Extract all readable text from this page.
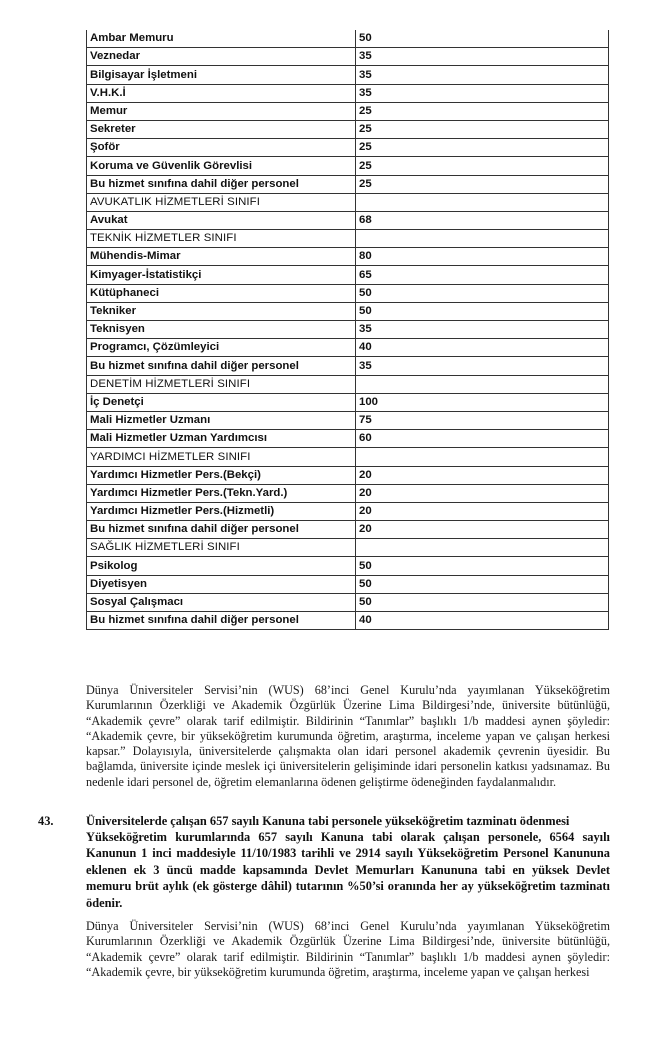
Ambar Memuru	50
Veznedar	35
Bilgisayar İşletmeni	35
V.H.K.İ	35
Memur	25
Sekreter	25
Şoför	25
Koruma ve Güvenlik Görevlisi	25
Bu hizmet sınıfına dahil diğer personel	25
AVUKATLIK HİZMETLERİ SINIFI	
Avukat	68
TEKNİK HİZMETLER SINIFI	
Mühendis-Mimar	80
Kimyager-İstatistikçi	65
Kütüphaneci	50
Tekniker	50
Teknisyen	35
Programcı, Çözümleyici	40
Bu hizmet sınıfına dahil diğer personel	35
DENETİM HİZMETLERİ SINIFI	
İç Denetçi	100
Mali Hizmetler Uzmanı	75
Mali Hizmetler Uzman Yardımcısı	60
YARDIMCI HİZMETLER SINIFI	
Yardımcı Hizmetler Pers.(Bekçi)	20
Yardımcı Hizmetler Pers.(Tekn.Yard.)	20
Yardımcı Hizmetler Pers.(Hizmetli)	20
Bu hizmet sınıfına dahil diğer personel	20
SAĞLIK HİZMETLERİ SINIFI	
Psikolog	50
Diyetisyen	50
Sosyal Çalışmacı	50
Bu hizmet sınıfına dahil diğer personel	40
Dünya Üniversiteler Servisi’nin (WUS) 68’inci Genel Kurulu’nda yayımlanan Yükseköğretim Kurumlarının Özerkliği ve Akademik Özgürlük Üzerine Lima Bildirgesi’nde, üniversite bütünlüğü, “Akademik çevre” olarak tarif edilmiştir. Bildirinin “Tanımlar” başlıklı 1/b maddesi aynen şöyledir: “Akademik çevre, bir yükseköğretim kurumunda öğretim, araştırma, inceleme yapan ve çalışan herkesi kapsar.” Dolayısıyla, üniversitelerde çalışmakta olan idari personel akademik çevrenin üyesidir. Bu bağlamda, üniversite içinde meslek içi üniversitelerin gelişiminde idari personelin katkısı yadsınamaz. Bu nedenle idari personel de, öğretim elemanlarına ödenen geliştirme ödeneğinden faydalanmalıdır.
43.	Üniversitelerde çalışan 657 sayılı Kanuna tabi personele yükseköğretim tazminatı ödenmesi
Yükseköğretim kurumlarında 657 sayılı Kanuna tabi olarak çalışan personele, 6564 sayılı Kanunun 1 inci maddesiyle 11/10/1983 tarihli ve 2914 sayılı Yükseköğretim Personel Kanununa eklenen ek 3 üncü madde kapsamında Devlet Memurları Kanununa tabi en yüksek Devlet memuru brüt aylık (ek gösterge dâhil) tutarının %50’si oranında her ay yükseköğretim tazminatı ödenir.
Dünya Üniversiteler Servisi’nin (WUS) 68’inci Genel Kurulu’nda yayımlanan Yükseköğretim Kurumlarının Özerkliği ve Akademik Özgürlük Üzerine Lima Bildirgesi’nde, üniversite bütünlüğü, “Akademik çevre” olarak tarif edilmiştir. Bildirinin “Tanımlar” başlıklı 1/b maddesi aynen şöyledir: “Akademik çevre, bir yükseköğretim kurumunda öğretim, araştırma, inceleme yapan ve çalışan herkesi
